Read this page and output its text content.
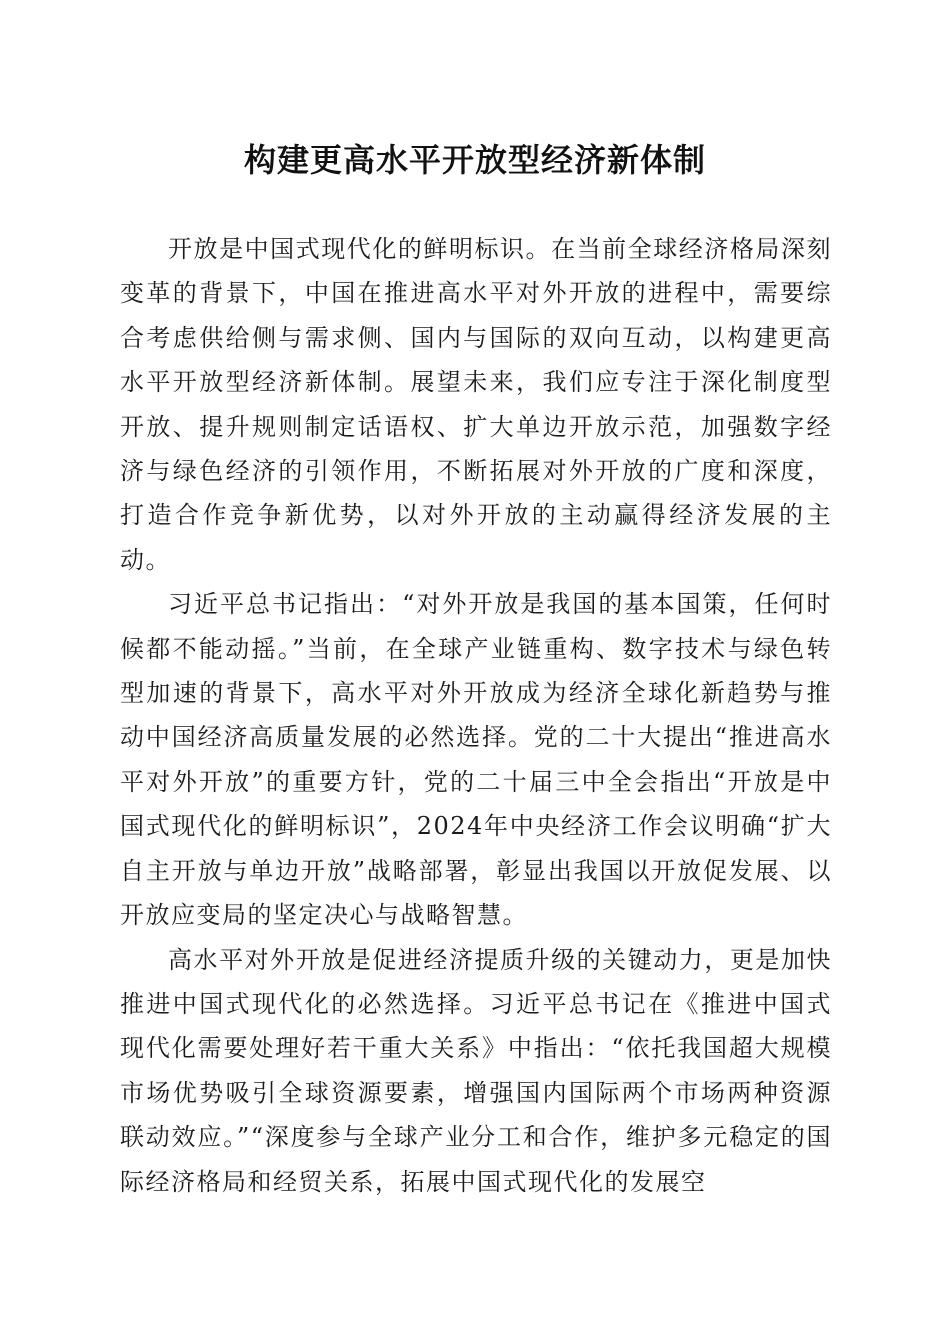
构建更高水平开放型经济新体制

开放是中国式现代化的鲜明标识。在当前全球经济格局深刻变革的背景下，中国在推进高水平对外开放的进程中，需要综合考虑供给侧与需求侧、国内与国际的双向互动，以构建更高水平开放型经济新体制。展望未来，我们应专注于深化制度型开放、提升规则制定话语权、扩大单边开放示范，加强数字经济与绿色经济的引领作用，不断拓展对外开放的广度和深度，打造合作竞争新优势，以对外开放的主动赢得经济发展的主动。

习近平总书记指出：“对外开放是我国的基本国策，任何时候都不能动摇。”当前，在全球产业链重构、数字技术与绿色转型加速的背景下，高水平对外开放成为经济全球化新趋势与推动中国经济高质量发展的必然选择。党的二十大提出“推进高水平对外开放”的重要方针，党的二十届三中全会指出“开放是中国式现代化的鲜明标识”，2024年中央经济工作会议明确“扩大自主开放与单边开放”战略部署，彰显出我国以开放促发展、以开放应变局的坚定决心与战略智慧。

高水平对外开放是促进经济提质升级的关键动力，更是加快推进中国式现代化的必然选择。习近平总书记在《推进中国式现代化需要处理好若干重大关系》中指出：“依托我国超大规模市场优势吸引全球资源要素，增强国内国际两个市场两种资源联动效应。”“深度参与全球产业分工和合作，维护多元稳定的国际经济格局和经贸关系，拓展中国式现代化的发展空
